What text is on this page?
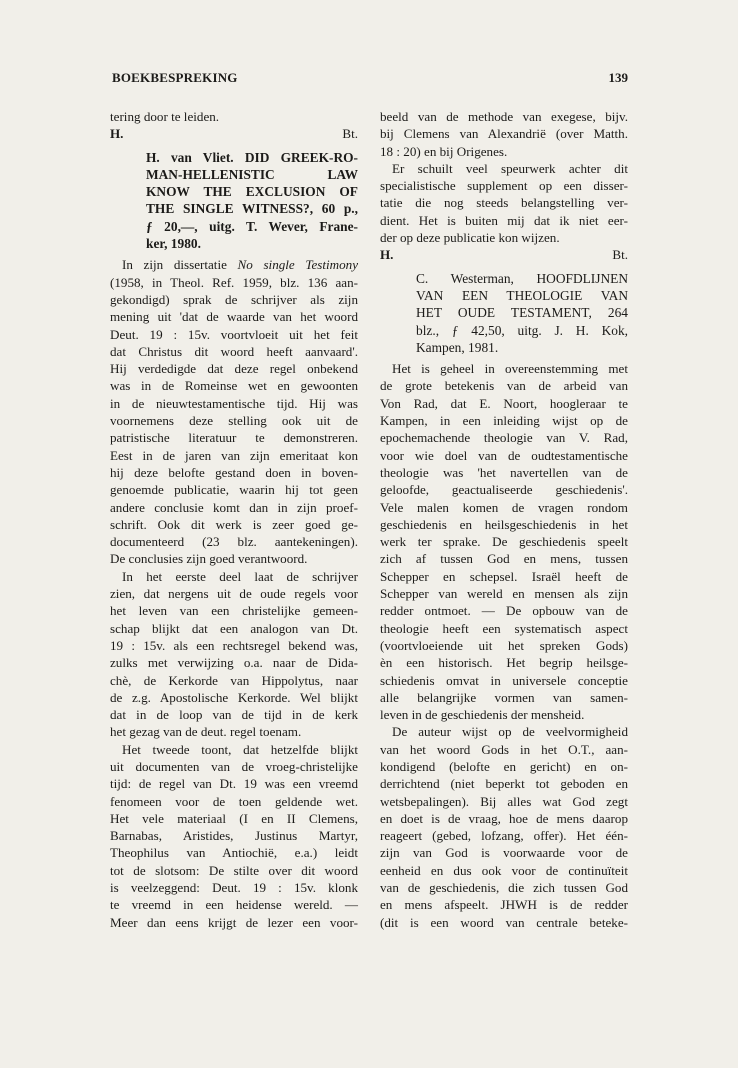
BOEKBESPREKING	139
tering door te leiden.
H.	Bt.
H. van Vliet. DID GREEK-RO-
MAN-HELLENISTIC LAW
KNOW THE EXCLUSION OF
THE SINGLE WITNESS?, 60 p.,
ƒ 20,—, uitg. T. Wever, Frane-
ker, 1980.
In zijn dissertatie No single Testimony
(1958, in Theol. Ref. 1959, blz. 136 aan-
gekondigd) sprak de schrijver als zijn
mening uit 'dat de waarde van het woord
Deut. 19 : 15v. voortvloeit uit het feit
dat Christus dit woord heeft aanvaard'.
Hij verdedigde dat deze regel onbekend
was in de Romeinse wet en gewoonten
in de nieuwtestamentische tijd. Hij was
voornemens deze stelling ook uit de
patristische literatuur te demonstreren.
Eest in de jaren van zijn emeritaat kon
hij deze belofte gestand doen in boven-
genoemde publicatie, waarin hij tot geen
andere conclusie komt dan in zijn proef-
schrift. Ook dit werk is zeer goed ge-
documenteerd (23 blz. aantekeningen).
De conclusies zijn goed verantwoord.
In het eerste deel laat de schrijver
zien, dat nergens uit de oude regels voor
het leven van een christelijke gemeen-
schap blijkt dat een analogon van Dt.
19 : 15v. als een rechtsregel bekend was,
zulks met verwijzing o.a. naar de Dida-
chè, de Kerkorde van Hippolytus, naar
de z.g. Apostolische Kerkorde. Wel blijkt
dat in de loop van de tijd in de kerk
het gezag van de deut. regel toenam.
Het tweede toont, dat hetzelfde blijkt
uit documenten van de vroeg-christelijke
tijd: de regel van Dt. 19 was een vreemd
fenomeen voor de toen geldende wet.
Het vele materiaal (I en II Clemens,
Barnabas, Aristides, Justinus Martyr,
Theophilus van Antiochië, e.a.) leidt
tot de slotsom: De stilte over dit woord
is veelzeggend: Deut. 19 : 15v. klonk
te vreemd in een heidense wereld. —
Meer dan eens krijgt de lezer een voor-
beeld van de methode van exegese, bijv.
bij Clemens van Alexandrië (over Matth.
18 : 20) en bij Origenes.
Er schuilt veel speurwerk achter dit
specialistische supplement op een disser-
tatie die nog steeds belangstelling ver-
dient. Het is buiten mij dat ik niet eer-
der op deze publicatie kon wijzen.
H.	Bt.
C. Westerman, HOOFDLIJNEN
VAN EEN THEOLOGIE VAN
HET OUDE TESTAMENT, 264
blz., ƒ 42,50, uitg. J. H. Kok,
Kampen, 1981.
Het is geheel in overeenstemming met
de grote betekenis van de arbeid van
Von Rad, dat E. Noort, hoogleraar te
Kampen, in een inleiding wijst op de
epochemachende theologie van V. Rad,
voor wie doel van de oudtestamentische
theologie was 'het navertellen van de
geloofde, geactualiseerde geschiedenis'.
Vele malen komen de vragen rondom
geschiedenis en heilsgeschiedenis in het
werk ter sprake. De geschiedenis speelt
zich af tussen God en mens, tussen
Schepper en schepsel. Israël heeft de
Schepper van wereld en mensen als zijn
redder ontmoet. — De opbouw van de
theologie heeft een systematisch aspect
(voortvloeiende uit het spreken Gods)
èn een historisch. Het begrip heilsge-
schiedenis omvat in universele conceptie
alle belangrijke vormen van samen-
leven in de geschiedenis der mensheid.
De auteur wijst op de veelvormigheid
van het woord Gods in het O.T., aan-
kondigend (belofte en gericht) en on-
derrichtend (niet beperkt tot geboden en
wetsbepalingen). Bij alles wat God zegt
en doet is de vraag, hoe de mens daarop
reageert (gebed, lofzang, offer). Het één-
zijn van God is voorwaarde voor de
eenheid en dus ook voor de continuïteit
van de geschiedenis, die zich tussen God
en mens afspeelt. JHWH is de redder
(dit is een woord van centrale beteke-
